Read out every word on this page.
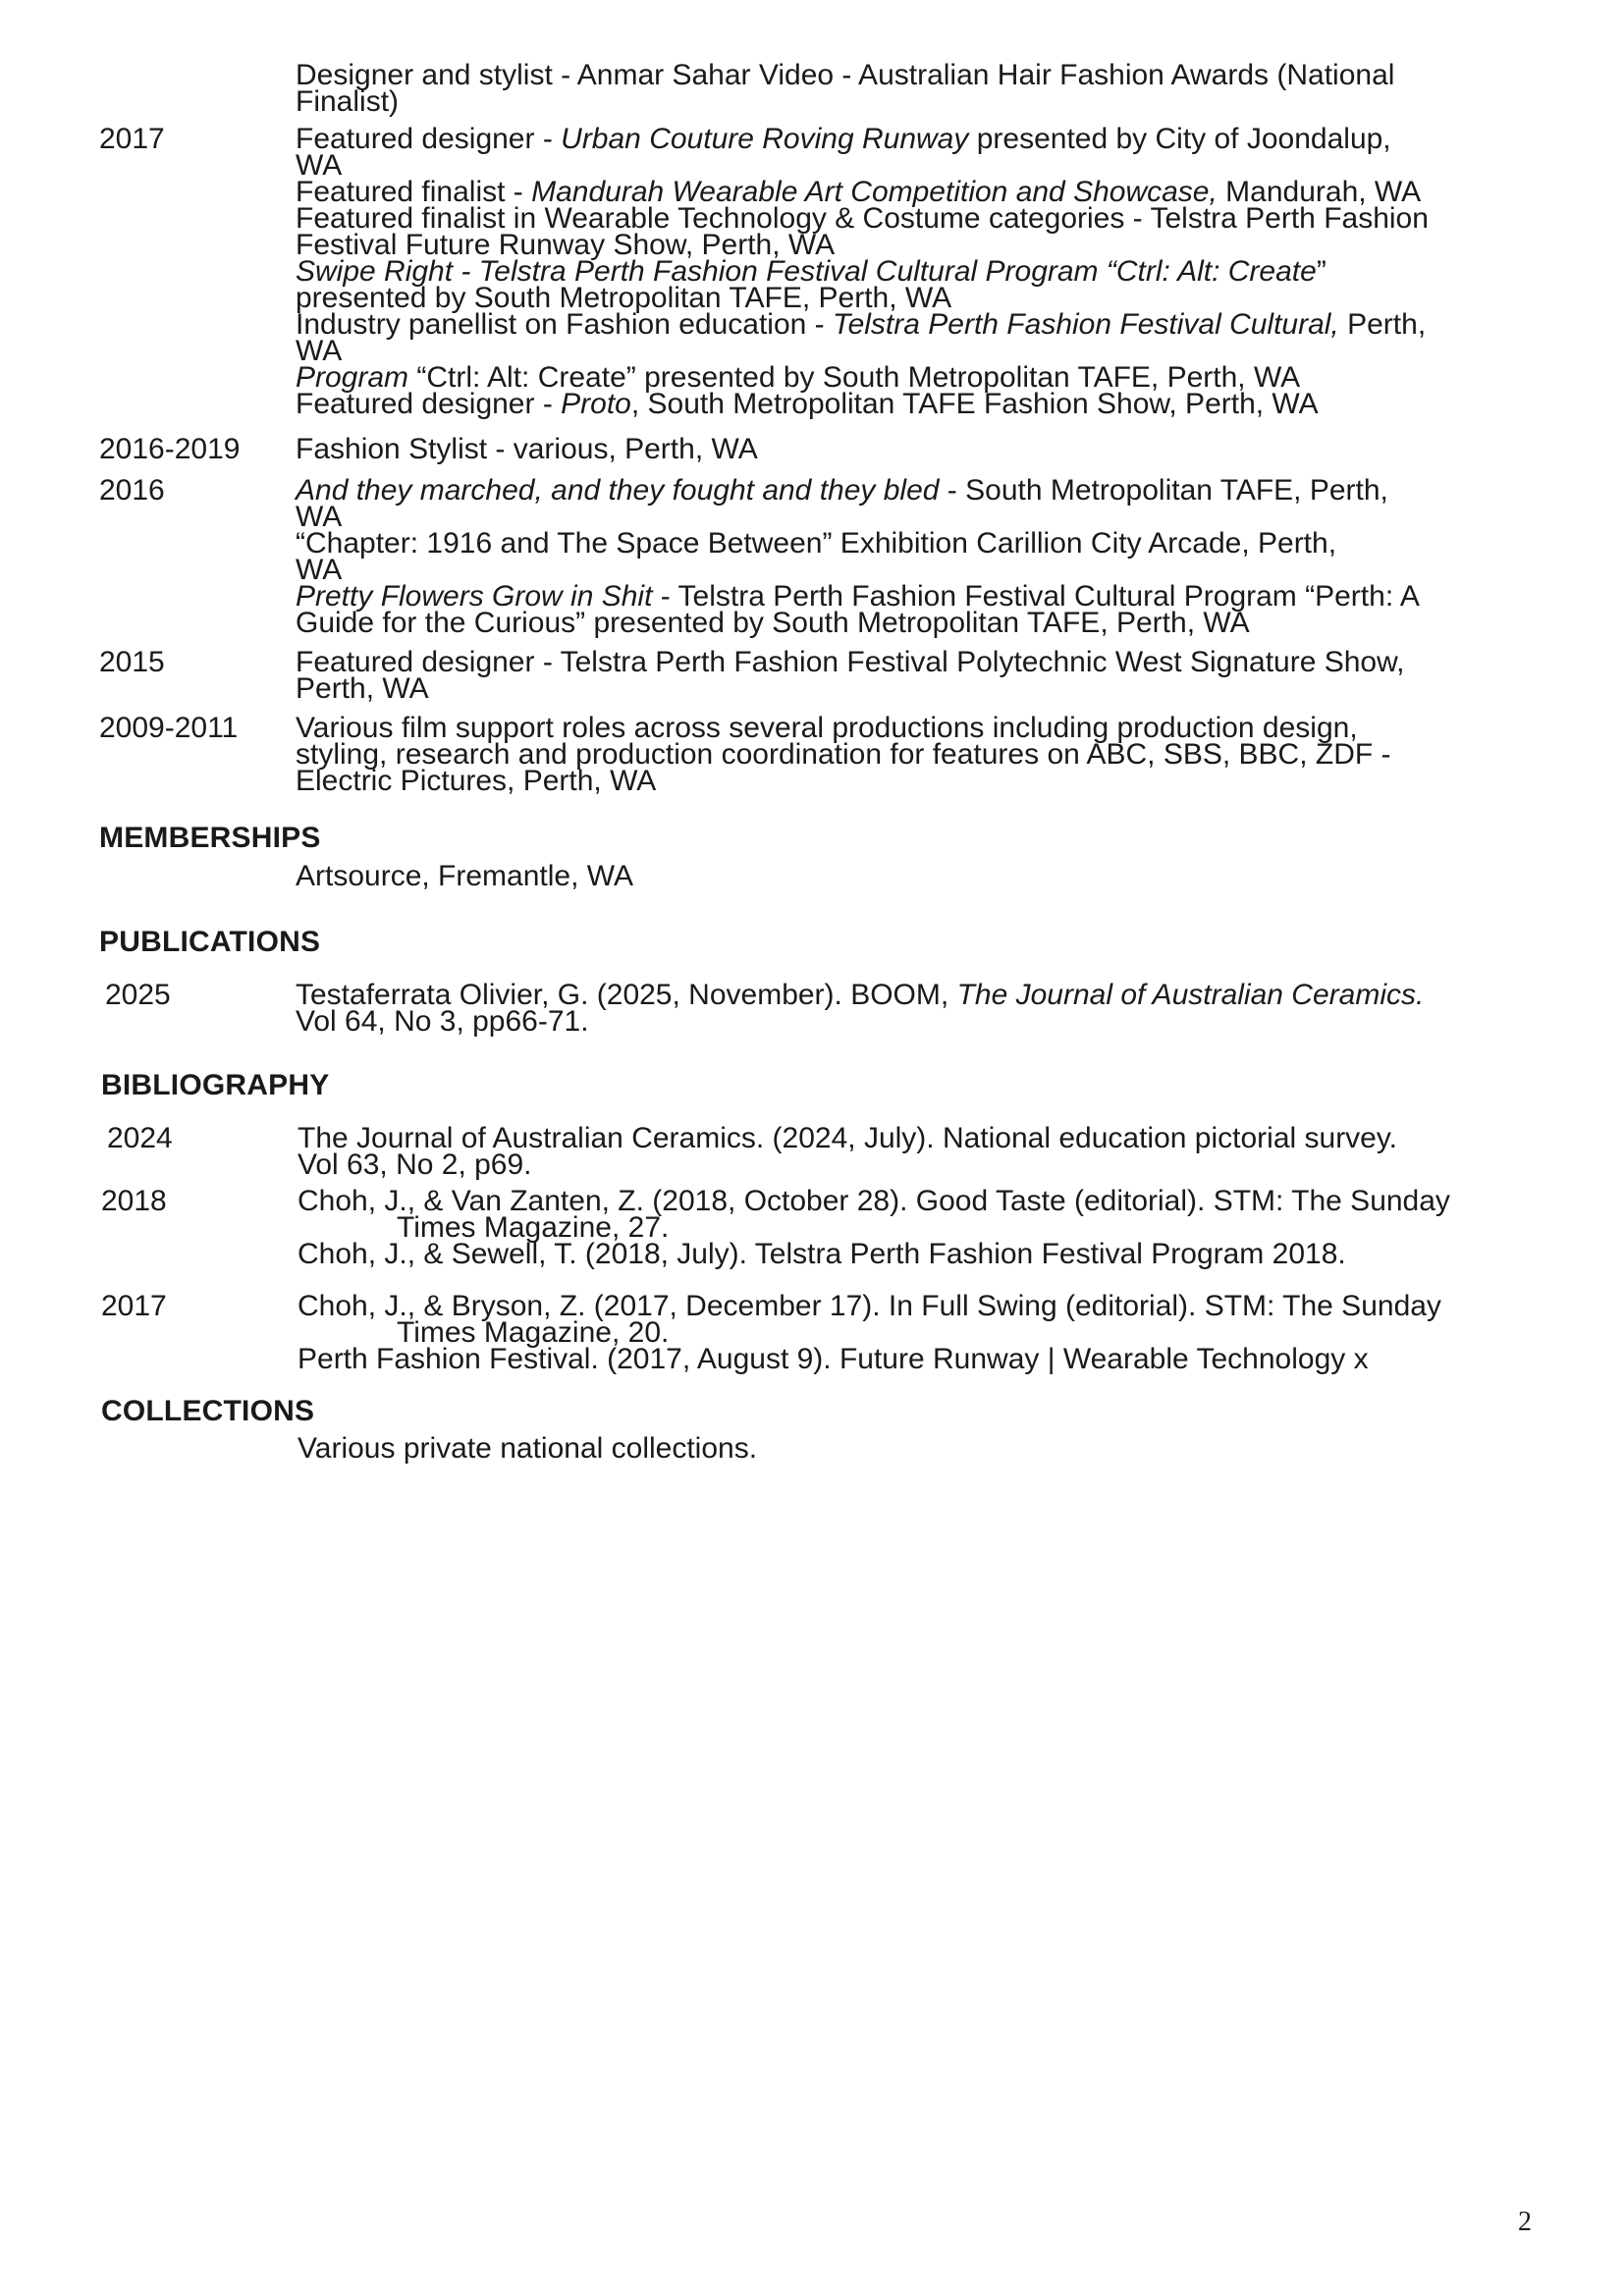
Designer and stylist - Anmar Sahar Video - Australian Hair Fashion Awards (National

Finalist)

2017	Featured designer - Urban Couture Roving Runway presented by City of Joondalup,

WA

Featured finalist - Mandurah Wearable Art Competition and Showcase, Mandurah, WA

Featured finalist in Wearable Technology & Costume categories - Telstra Perth Fashion

Festival Future Runway Show, Perth, WA

Swipe Right - Telstra Perth Fashion Festival Cultural Program “Ctrl: Alt: Create”

presented by South Metropolitan TAFE, Perth, WA

Industry panellist on Fashion education - Telstra Perth Fashion Festival Cultural, Perth,

WA

Program “Ctrl: Alt: Create” presented by South Metropolitan TAFE, Perth, WA

Featured designer - Proto, South Metropolitan TAFE Fashion Show, Perth, WA

2016-2019 Fashion Stylist - various, Perth, WA

2016	And they marched, and they fought and they bled - South Metropolitan TAFE, Perth,

WA

“Chapter: 1916 and The Space Between” Exhibition Carillion City Arcade, Perth,

WA

Pretty Flowers Grow in Shit - Telstra Perth Fashion Festival Cultural Program “Perth: A

Guide for the Curious” presented by South Metropolitan TAFE, Perth, WA

2015	Featured designer - Telstra Perth Fashion Festival Polytechnic West Signature Show,

Perth, WA

2009-2011 Various film support roles across several productions including production design,

styling, research and production coordination for features on ABC, SBS, BBC, ZDF -

Electric Pictures, Perth, WA

MEMBERSHIPS

Artsource, Fremantle, WA

PUBLICATIONS

2025	Testaferrata Olivier, G. (2025, November). BOOM, The Journal of Australian Ceramics.

Vol 64, No 3, pp66-71.

BIBLIOGRAPHY

2024	The Journal of Australian Ceramics. (2024, July). National education pictorial survey.

Vol 63, No 2, p69.

2018	Choh, J., & Van Zanten, Z. (2018, October 28). Good Taste (editorial). STM: The Sunday

Times Magazine, 27.

Choh, J., & Sewell, T. (2018, July). Telstra Perth Fashion Festival Program 2018.

2017	Choh, J., & Bryson, Z. (2017, December 17). In Full Swing (editorial). STM: The Sunday

Times Magazine, 20.

Perth Fashion Festival. (2017, August 9). Future Runway | Wearable Technology x

COLLECTIONS

Various private national collections.

2
